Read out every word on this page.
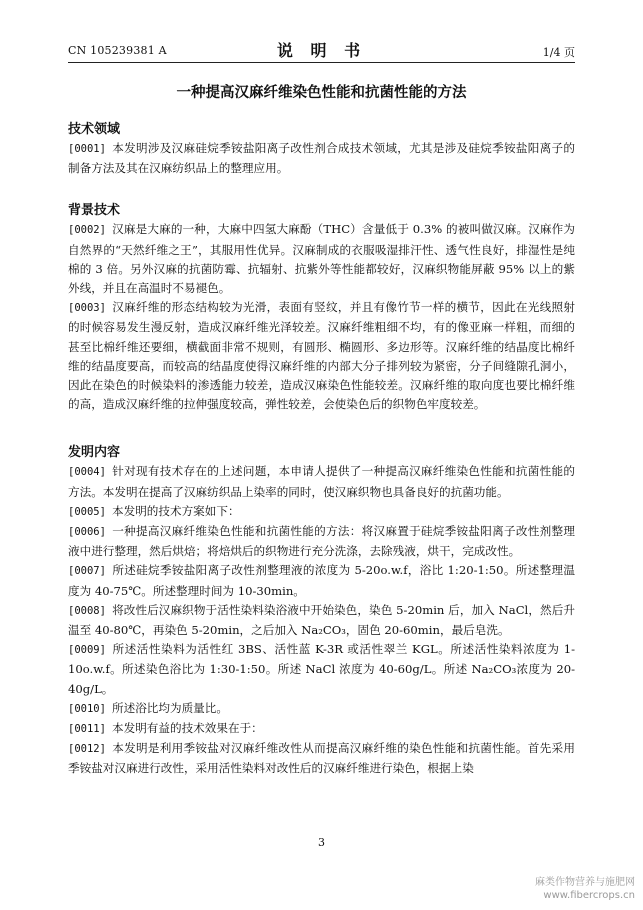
CN 105239381 A	说 明 书	1/4 页
一种提高汉麻纤维染色性能和抗菌性能的方法
技术领域
[0001] 本发明涉及汉麻硅烷季铵盐阳离子改性剂合成技术领域，尤其是涉及硅烷季铵盐阳离子的制备方法及其在汉麻纺织品上的整理应用。
背景技术
[0002] 汉麻是大麻的一种，大麻中四氢大麻酚（THC）含量低于 0.3% 的被叫做汉麻。汉麻作为自然界的“天然纤维之王”，其服用性优异。汉麻制成的衣服吸湿排汗性、透气性良好，排湿性是纯棉的 3 倍。另外汉麻的抗菌防霉、抗辐射、抗紫外等性能都较好，汉麻织物能屏蔽 95% 以上的紫外线，并且在高温时不易褪色。
[0003] 汉麻纤维的形态结构较为光滑，表面有竖纹，并且有像竹节一样的横节，因此在光线照射的时候容易发生漫反射，造成汉麻纤维光泽较差。汉麻纤维粗细不均，有的像亚麻一样粗，而细的甚至比棉纤维还要细，横截面非常不规则，有圆形、椭圆形、多边形等。汉麻纤维的结晶度比棉纤维的结晶度要高，而较高的结晶度使得汉麻纤维的内部大分子排列较为紧密，分子间缝隙孔洞小，因此在染色的时候染料的渗透能力较差，造成汉麻染色性能较差。汉麻纤维的取向度也要比棉纤维的高，造成汉麻纤维的拉伸强度较高，弹性较差，会使染色后的织物色牢度较差。
发明内容
[0004] 针对现有技术存在的上述问题，本申请人提供了一种提高汉麻纤维染色性能和抗菌性能的方法。本发明在提高了汉麻纺织品上染率的同时，使汉麻织物也具备良好的抗菌功能。
[0005] 本发明的技术方案如下：
[0006] 一种提高汉麻纤维染色性能和抗菌性能的方法：将汉麻置于硅烷季铵盐阳离子改性剂整理液中进行整理，然后烘焙；将焙烘后的织物进行充分洗涤，去除残液，烘干，完成改性。
[0007] 所述硅烷季铵盐阳离子改性剂整理液的浓度为 5-20o.w.f，浴比 1:20-1:50。所述整理温度为 40-75℃。所述整理时间为 10-30min。
[0008] 将改性后汉麻织物于活性染料染浴液中开始染色，染色 5-20min 后，加入 NaCl，然后升温至 40-80℃，再染色 5-20min，之后加入 Na₂CO₃，固色 20-60min，最后皂洗。
[0009] 所述活性染料为活性红 3BS、活性蓝 K-3R 或活性翠兰 KGL。所述活性染料浓度为 1-10o.w.f。所述染色浴比为 1:30-1:50。所述 NaCl 浓度为 40-60g/L。所述 Na₂CO₃浓度为 20-40g/L。
[0010] 所述浴比均为质量比。
[0011] 本发明有益的技术效果在于：
[0012] 本发明是利用季铵盐对汉麻纤维改性从而提高汉麻纤维的染色性能和抗菌性能。首先采用季铵盐对汉麻进行改性，采用活性染料对改性后的汉麻纤维进行染色，根据上染
3
麻类作物营养与施肥网
www.fibercrops.cn
